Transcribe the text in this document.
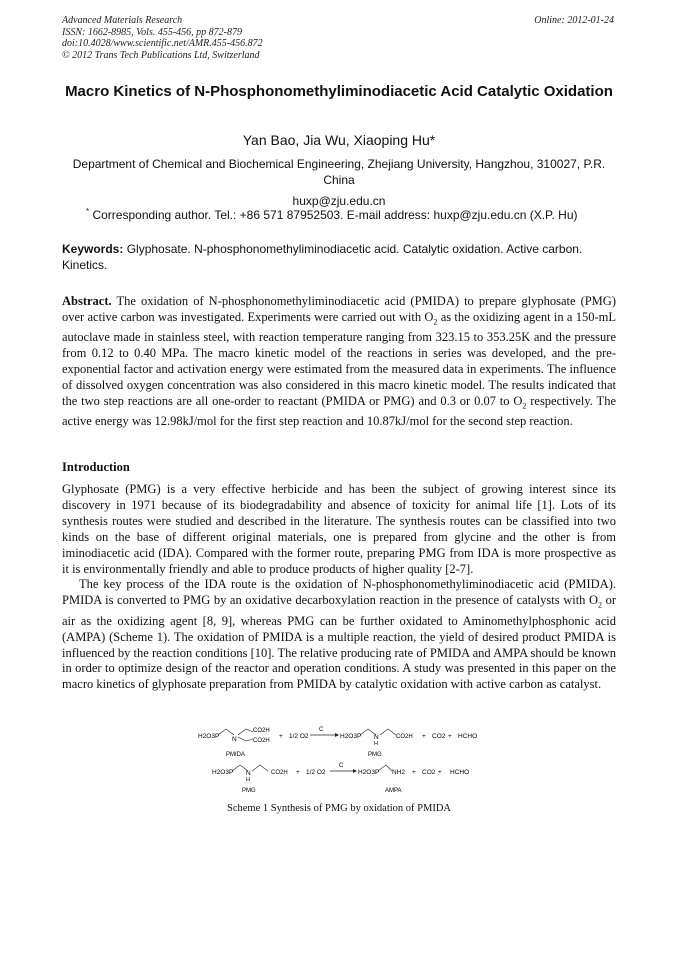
Advanced Materials Research
ISSN: 1662-8985, Vols. 455-456, pp 872-879
doi:10.4028/www.scientific.net/AMR.455-456.872
© 2012 Trans Tech Publications Ltd, Switzerland
Online: 2012-01-24
Macro Kinetics of N-Phosphonomethyliminodiacetic Acid Catalytic Oxidation
Yan Bao, Jia Wu, Xiaoping Hu*
Department of Chemical and Biochemical Engineering, Zhejiang University, Hangzhou, 310027, P.R. China
huxp@zju.edu.cn
* Corresponding author. Tel.: +86 571 87952503. E-mail address: huxp@zju.edu.cn (X.P. Hu)
Keywords: Glyphosate. N-phosphonomethyliminodiacetic acid. Catalytic oxidation. Active carbon. Kinetics.
Abstract. The oxidation of N-phosphonomethyliminodiacetic acid (PMIDA) to prepare glyphosate (PMG) over active carbon was investigated. Experiments were carried out with $O_2$ as the oxidizing agent in a 150-mL autoclave made in stainless steel, with reaction temperature ranging from 323.15 to 353.25K and the pressure from 0.12 to 0.40 MPa. The macro kinetic model of the reactions in series was developed, and the pre-exponential factor and activation energy were estimated from the measured data in experiments. The influence of dissolved oxygen concentration was also considered in this macro kinetic model. The results indicated that the two step reactions are all one-order to reactant (PMIDA or PMG) and 0.3 or 0.07 to $O_2$ respectively. The active energy was 12.98kJ/mol for the first step reaction and 10.87kJ/mol for the second step reaction.
Introduction

Glyphosate (PMG) is a very effective herbicide and has been the subject of growing interest since its discovery in 1971 because of its biodegradability and absence of toxicity for animal life [1]. Lots of its synthesis routes were studied and described in the literature. The synthesis routes can be classified into two kinds on the base of different original materials, one is prepared from glycine and the other is from iminodiacetic acid (IDA). Compared with the former route, preparing PMG from IDA is more prospective as it is environmentally friendly and able to produce products of higher quality [2-7].

The key process of the IDA route is the oxidation of N-phosphonomethyliminodiacetic acid (PMIDA). PMIDA is converted to PMG by an oxidative decarboxylation reaction in the presence of catalysts with $O_2$ or air as the oxidizing agent [8, 9], whereas PMG can be further oxidated to Aminomethylphosphonic acid (AMPA) (Scheme 1). The oxidation of PMIDA is a multiple reaction, the yield of desired product PMIDA is influenced by the reaction conditions [10]. The relative producing rate of PMIDA and AMPA should be known in order to optimize design of the reactor and operation conditions. A study was presented in this paper on the macro kinetics of glyphosate preparation from PMIDA by catalytic oxidation with active carbon as catalyst.

H2O3P N
CO2H
CO2H
+ 1/2 O2
C
H2O3P N
H
CO2H + CO2 + HCHO
PMIDA	PMG
H2O3P N
H
CO2H + 1/2 O2
C
H2O3P NH2 + CO2 + HCHO
PMG	AMPA
Scheme 1 Synthesis of PMG by oxidation of PMIDA
